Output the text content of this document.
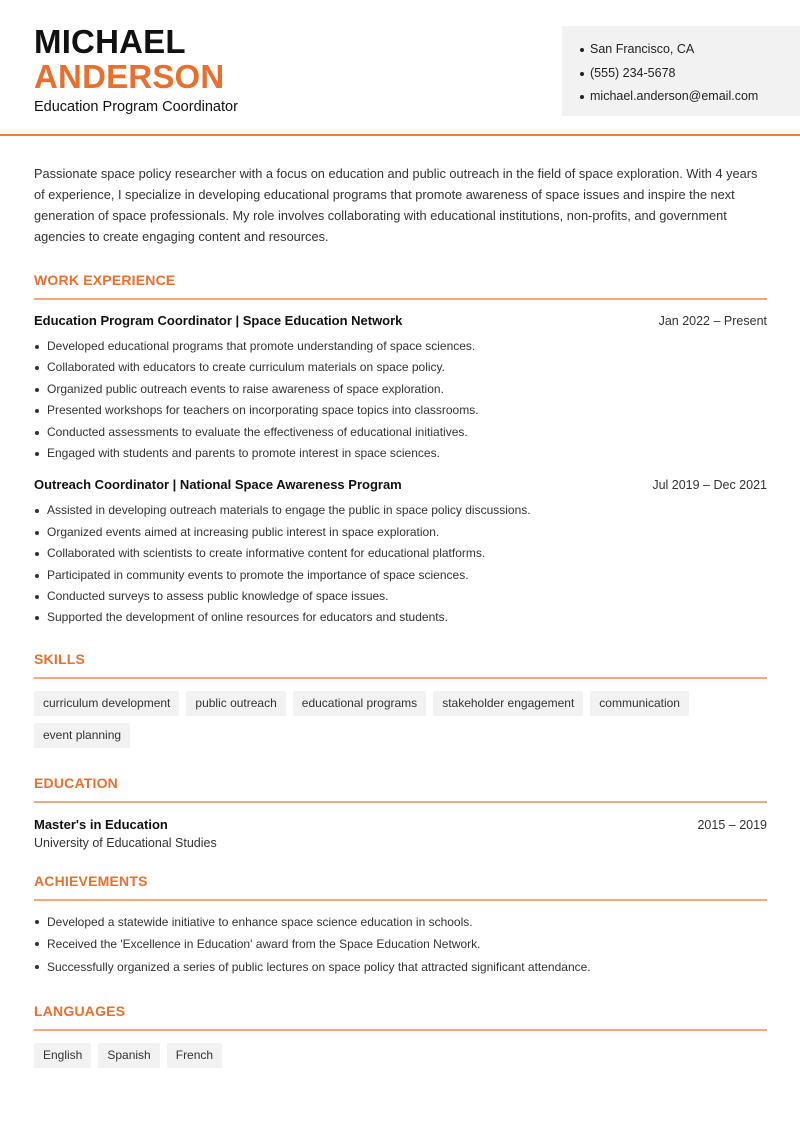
MICHAEL
ANDERSON
Education Program Coordinator
San Francisco, CA
(555) 234-5678
michael.anderson@email.com

Passionate space policy researcher with a focus on education and public outreach in the field of space exploration. With 4 years of experience, I specialize in developing educational programs that promote awareness of space issues and inspire the next generation of space professionals. My role involves collaborating with educational institutions, non-profits, and government agencies to create engaging content and resources.

WORK EXPERIENCE
Education Program Coordinator | Space Education Network	Jan 2022 – Present
Developed educational programs that promote understanding of space sciences.
Collaborated with educators to create curriculum materials on space policy.
Organized public outreach events to raise awareness of space exploration.
Presented workshops for teachers on incorporating space topics into classrooms.
Conducted assessments to evaluate the effectiveness of educational initiatives.
Engaged with students and parents to promote interest in space sciences.
Outreach Coordinator | National Space Awareness Program	Jul 2019 – Dec 2021
Assisted in developing outreach materials to engage the public in space policy discussions.
Organized events aimed at increasing public interest in space exploration.
Collaborated with scientists to create informative content for educational platforms.
Participated in community events to promote the importance of space sciences.
Conducted surveys to assess public knowledge of space issues.
Supported the development of online resources for educators and students.
SKILLS
curriculum development	public outreach	educational programs	stakeholder engagement	communication
event planning
EDUCATION
Master's in Education	2015 – 2019
University of Educational Studies
ACHIEVEMENTS
Developed a statewide initiative to enhance space science education in schools.
Received the 'Excellence in Education' award from the Space Education Network.
Successfully organized a series of public lectures on space policy that attracted significant attendance.
LANGUAGES
English	Spanish	French
